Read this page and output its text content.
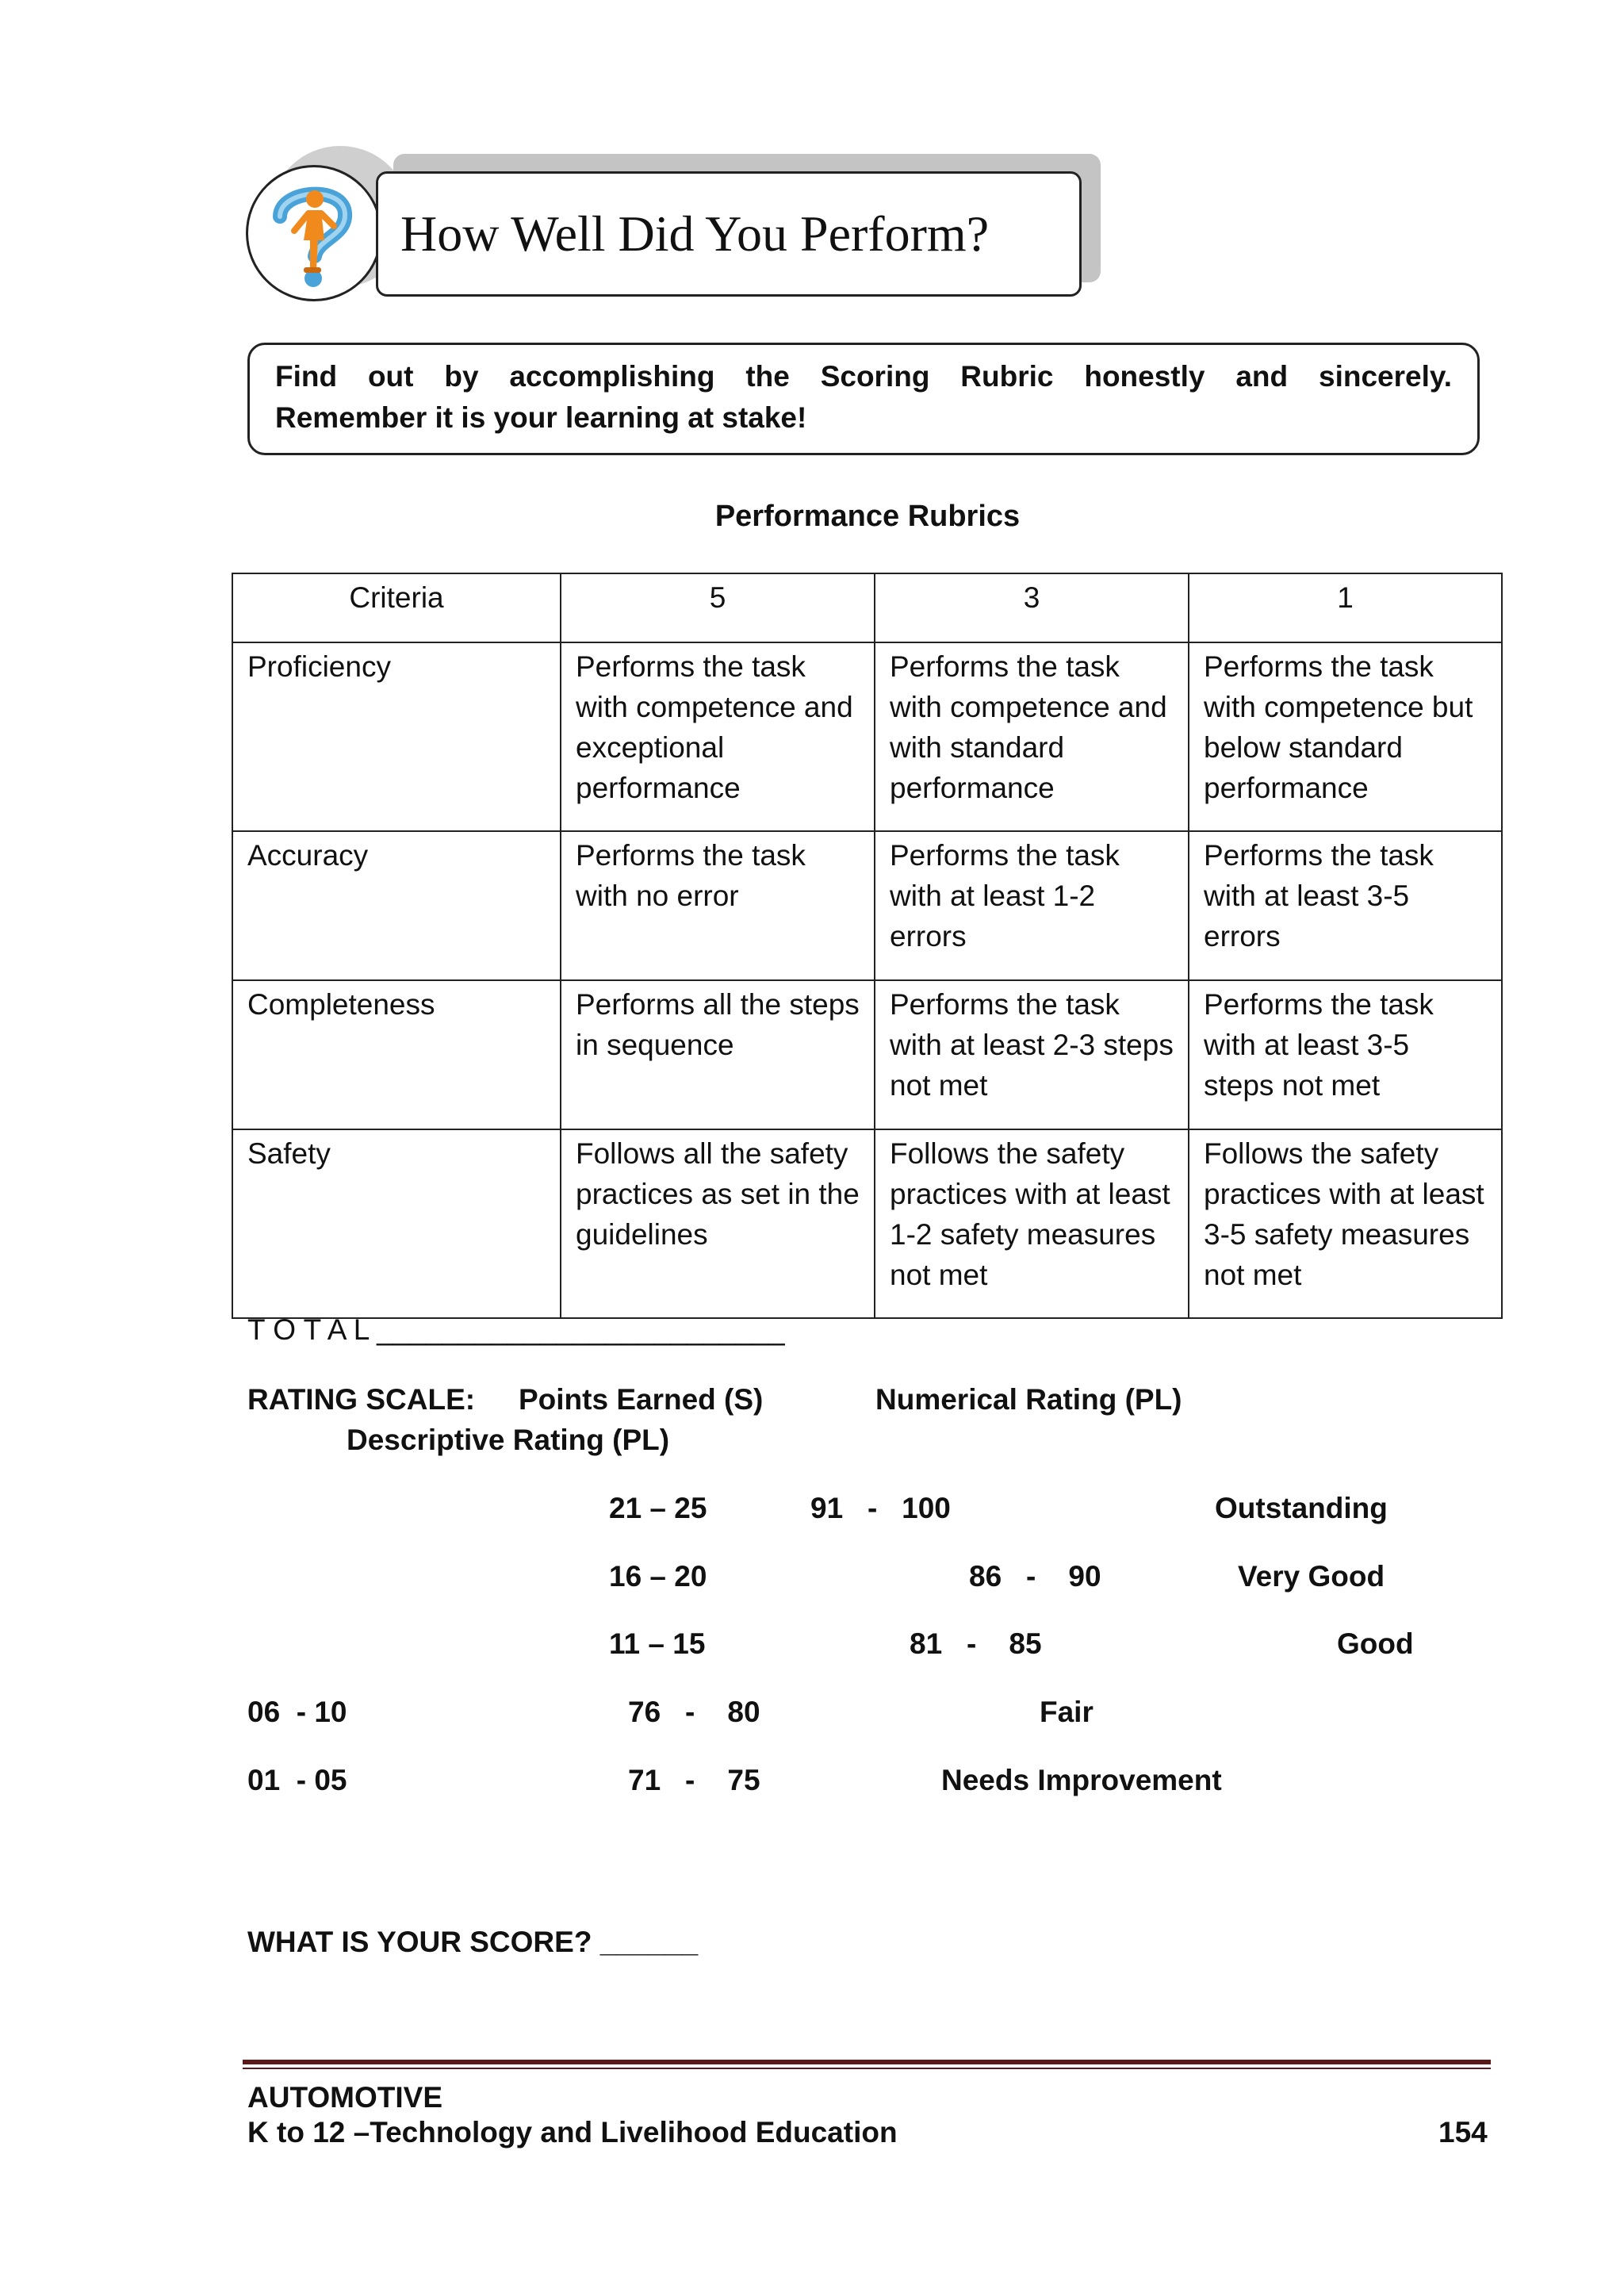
How Well Did You Perform?
Find out by accomplishing the Scoring Rubric honestly and sincerely.
Remember it is your learning at stake!
Performance Rubrics
Criteria	5	3	1
Proficiency	Performs the task with competence and exceptional performance	Performs the task with competence and with standard performance	Performs the task with competence but below standard performance
Accuracy	Performs the task with no error	Performs the task with at least 1-2 errors	Performs the task with at least 3-5 errors
Completeness	Performs all the steps in sequence	Performs the task with at least 2-3 steps not met	Performs the task with at least 3-5 steps not met
Safety	Follows all the safety practices as set in the guidelines	Follows the safety practices with at least 1-2 safety measures not met	Follows the safety practices with at least 3-5 safety measures not met
T O T A L _________________________
RATING SCALE: Points Earned (S)	Numerical Rating (PL)
Descriptive Rating (PL)
21 – 25	91   -   100	Outstanding
16 – 20	86   -    90	Very Good
11 – 15	81   -    85	Good
06  - 10	76   -    80	Fair
01  - 05	71   -    75	Needs Improvement
WHAT IS YOUR SCORE? ______
AUTOMOTIVE
K to 12 –Technology and Livelihood Education	154
